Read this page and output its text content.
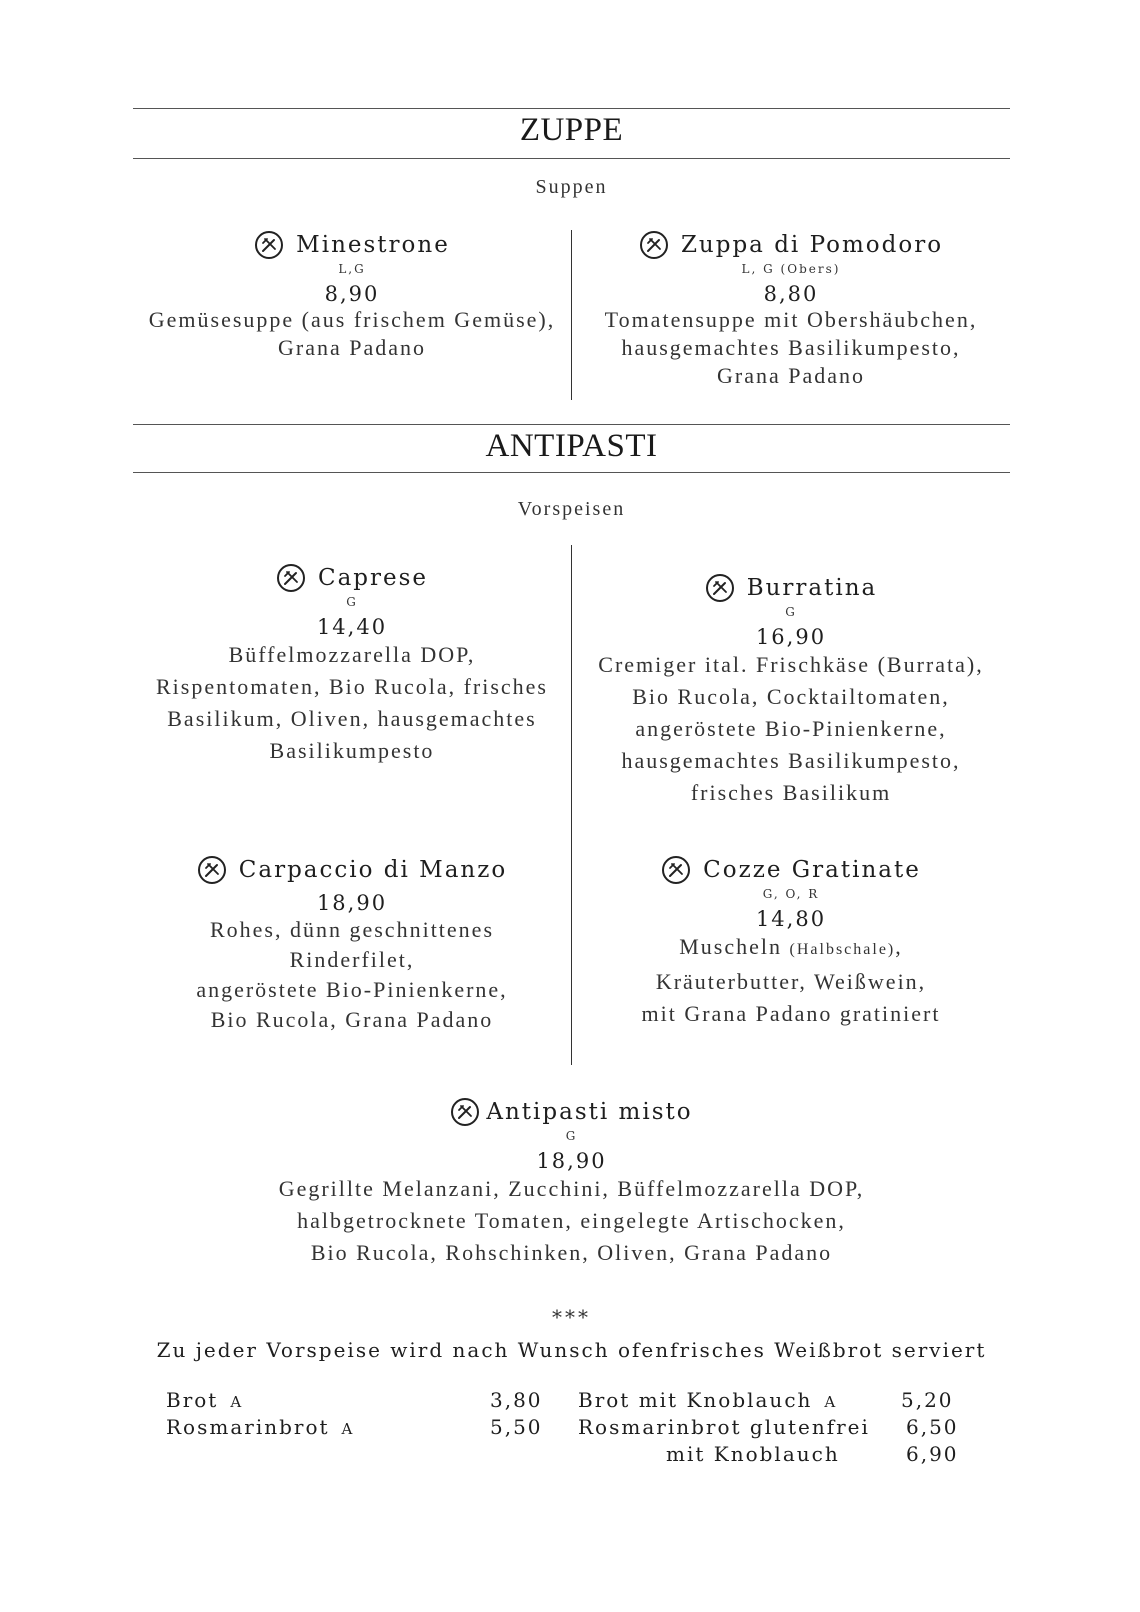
ZUPPE
Suppen
Minestrone
L,G
8,90
Gemüsesuppe (aus frischem Gemüse),
Grana Padano
Zuppa di Pomodoro
L, G (Obers)
8,80
Tomatensuppe mit Obershäubchen,
hausgemachtes Basilikumpesto,
Grana Padano
ANTIPASTI
Vorspeisen
Caprese
G
14,40
Büffelmozzarella DOP,
Rispentomaten, Bio Rucola, frisches
Basilikum, Oliven, hausgemachtes
Basilikumpesto
Burratina
G
16,90
Cremiger ital. Frischkäse (Burrata),
Bio Rucola, Cocktailtomaten,
angeröstete Bio-Pinienkerne,
hausgemachtes Basilikumpesto,
frisches Basilikum
Carpaccio di Manzo
18,90
Rohes, dünn geschnittenes
Rinderfilet,
angeröstete Bio-Pinienkerne,
Bio Rucola, Grana Padano
Cozze Gratinate
G, O, R
14,80
Muscheln (Halbschale),
Kräuterbutter, Weißwein,
mit Grana Padano gratiniert
Antipasti misto
G
18,90
Gegrillte Melanzani, Zucchini, Büffelmozzarella DOP,
halbgetrocknete Tomaten, eingelegte Artischocken,
Bio Rucola, Rohschinken, Oliven, Grana Padano
***
Zu jeder Vorspeise wird nach Wunsch ofenfrisches Weißbrot serviert
Brot A	3,80
Rosmarinbrot A	5,50
Brot mit Knoblauch A	5,20
Rosmarinbrot glutenfrei 6,50
mit Knoblauch	6,90
